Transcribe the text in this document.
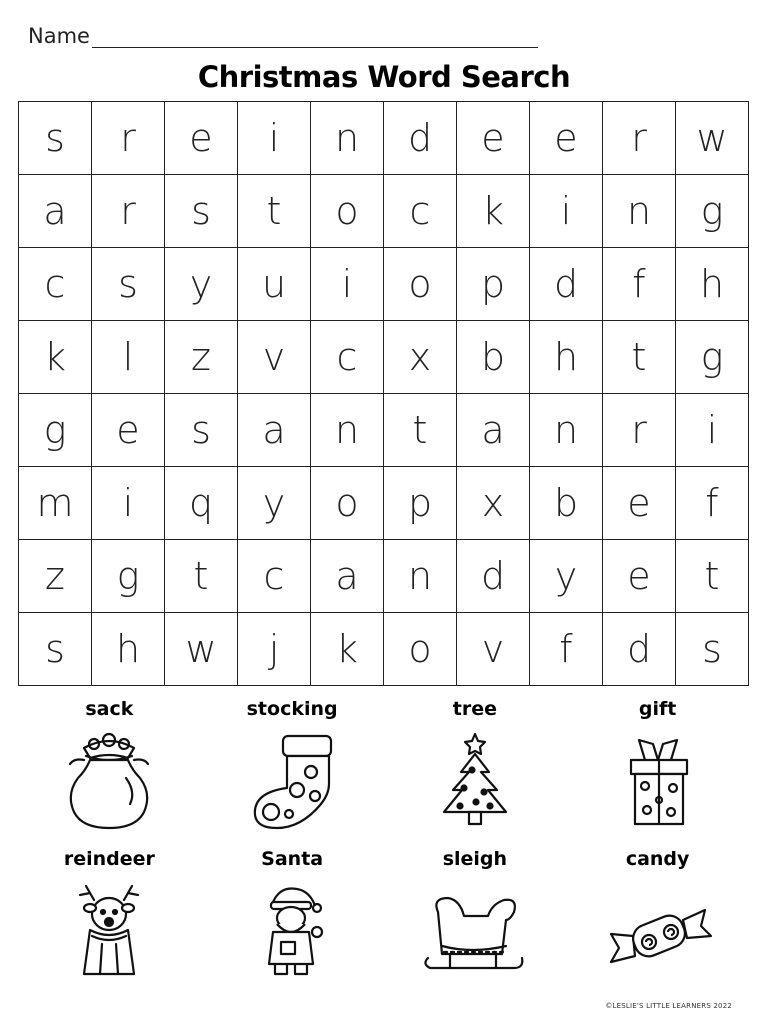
Name
Christmas Word Search
s	r	e	i	n	d	e	e	r	w
a	r	s	t	o	c	k	i	n	g
c	s	y	u	i	o	p	d	f	h
k	l	z	v	c	x	b	h	t	g
g	e	s	a	n	t	a	n	r	i
m	i	q	y	o	p	x	b	e	f
z	g	t	c	a	n	d	y	e	t
s	h	w	j	k	o	v	f	d	s
sack	stocking	tree	gift
reindeer	Santa	sleigh	candy
©LESLIE'S LITTLE LEARNERS 2022
